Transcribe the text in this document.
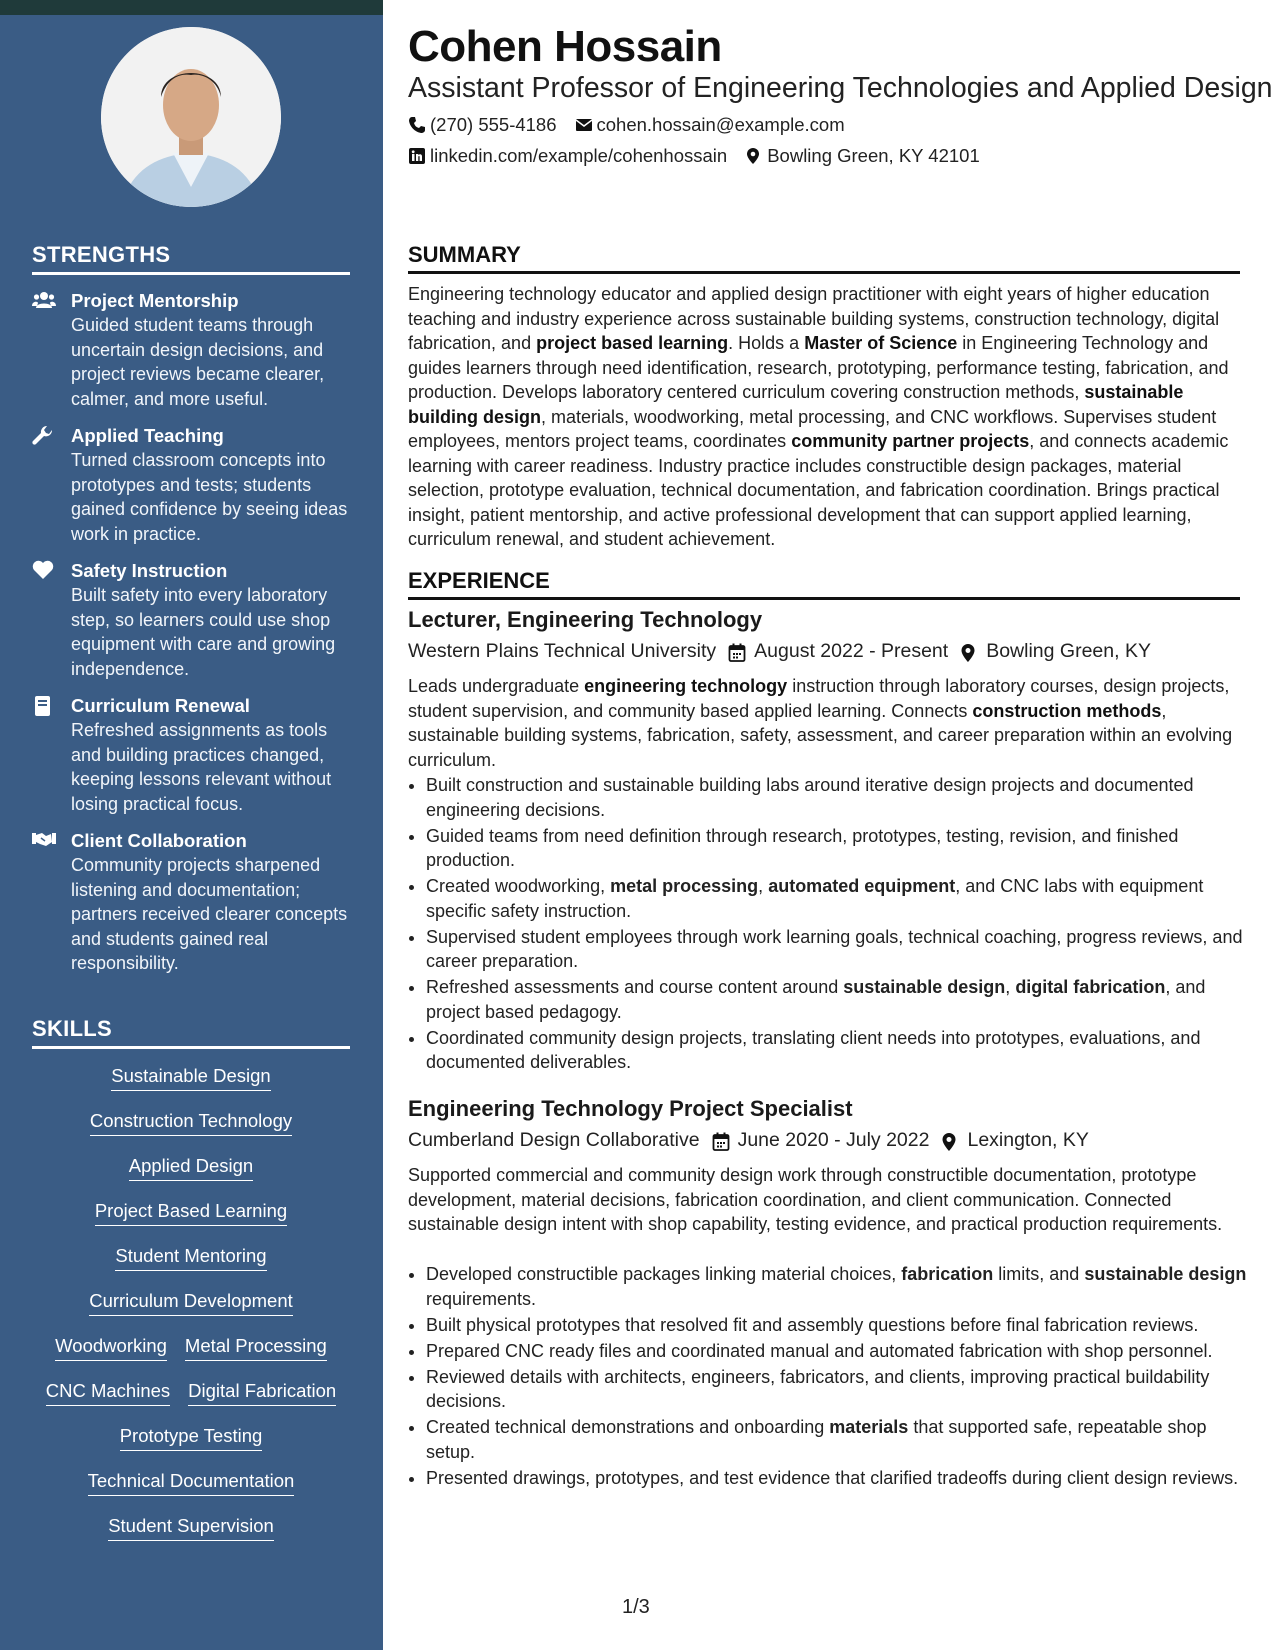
STRENGTHS
Project Mentorship
Guided student teams through uncertain design decisions, and project reviews became clearer, calmer, and more useful.
Applied Teaching
Turned classroom concepts into prototypes and tests; students gained confidence by seeing ideas work in practice.
Safety Instruction
Built safety into every laboratory step, so learners could use shop equipment with care and growing independence.
Curriculum Renewal
Refreshed assignments as tools and building practices changed, keeping lessons relevant without losing practical focus.
Client Collaboration
Community projects sharpened listening and documentation; partners received clearer concepts and students gained real responsibility.
SKILLS
Sustainable Design
Construction Technology
Applied Design
Project Based Learning
Student Mentoring
Curriculum Development
Woodworking Metal Processing
CNC Machines Digital Fabrication
Prototype Testing
Technical Documentation
Student Supervision
Cohen Hossain
Assistant Professor of Engineering Technologies and Applied Design
(270) 555-4186 cohen.hossain@example.com
linkedin.com/example/cohenhossain Bowling Green, KY 42101
SUMMARY

Engineering technology educator and applied design practitioner with eight years of higher education teaching and industry experience across sustainable building systems, construction technology, digital fabrication, and project based learning. Holds a Master of Science in Engineering Technology and guides learners through need identification, research, prototyping, performance testing, fabrication, and production. Develops laboratory centered curriculum covering construction methods, sustainable building design, materials, woodworking, metal processing, and CNC workflows. Supervises student employees, mentors project teams, coordinates community partner projects, and connects academic learning with career readiness. Industry practice includes constructible design packages, material selection, prototype evaluation, technical documentation, and fabrication coordination. Brings practical insight, patient mentorship, and active professional development that can support applied learning, curriculum renewal, and student achievement.

EXPERIENCE
Lecturer, Engineering Technology
Western Plains Technical University August 2022 - Present Bowling Green, KY

Leads undergraduate engineering technology instruction through laboratory courses, design projects, student supervision, and community based applied learning. Connects construction methods, sustainable building systems, fabrication, safety, assessment, and career preparation within an evolving curriculum.

• Built construction and sustainable building labs around iterative design projects and documented engineering decisions.
• Guided teams from need definition through research, prototypes, testing, revision, and finished production.
• Created woodworking, metal processing, automated equipment, and CNC labs with equipment specific safety instruction.
• Supervised student employees through work learning goals, technical coaching, progress reviews, and career preparation.
• Refreshed assessments and course content around sustainable design, digital fabrication, and project based pedagogy.
• Coordinated community design projects, translating client needs into prototypes, evaluations, and documented deliverables.
Engineering Technology Project Specialist
Cumberland Design Collaborative June 2020 - July 2022 Lexington, KY

Supported commercial and community design work through constructible documentation, prototype development, material decisions, fabrication coordination, and client communication. Connected sustainable design intent with shop capability, testing evidence, and practical production requirements.

• Developed constructible packages linking material choices, fabrication limits, and sustainable design requirements.
• Built physical prototypes that resolved fit and assembly questions before final fabrication reviews.
• Prepared CNC ready files and coordinated manual and automated fabrication with shop personnel.
• Reviewed details with architects, engineers, fabricators, and clients, improving practical buildability decisions.
• Created technical demonstrations and onboarding materials that supported safe, repeatable shop setup.
• Presented drawings, prototypes, and test evidence that clarified tradeoffs during client design reviews.
1/3
